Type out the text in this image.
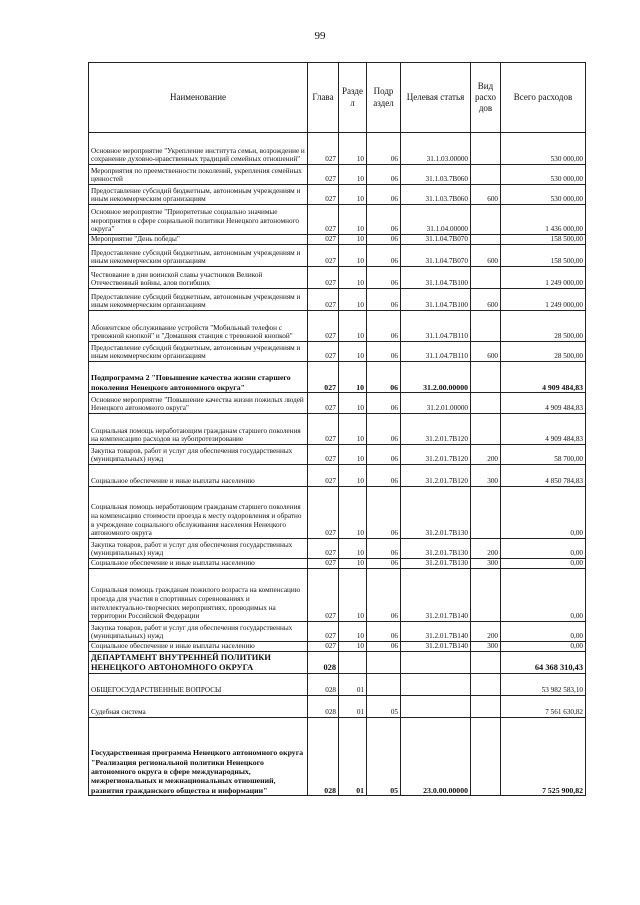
99
Наименование	Глава	Разде л	Подр аздел	Целевая статья	Вид расхо дов	Всего расходов
Основное мероприятие "Укрепление института семьи, возрождение и сохранение духовно-нравственных традиций семейных отношений"	027	10	06	31.1.03.00000		530 000,00
Мероприятия по преемственности поколений, укрепления семейных ценностей	027	10	06	31.1.03.7В060		530 000,00
Предоставление субсидий бюджетным, автономным учреждениям и иным некоммерческим организациям	027	10	06	31.1.03.7В060	600	530 000,00
Основное мероприятие "Приоритетные социально значимые мероприятия в сфере социальной политики Ненецкого автономного округа"	027	10	06	31.1.04.00000		1 436 000,00
Мероприятие "День победы"	027	10	06	31.1.04.7В070		158 500,00
Предоставление субсидий бюджетным, автономным учреждениям и иным некоммерческим организациям	027	10	06	31.1.04.7В070	600	158 500,00
Чествование в дни воинской славы участников Великой Отечественный войны, алов погибших	027	10	06	31.1.04.7В100		1 249 000,00
Предоставление субсидий бюджетным, автономным учреждениям и иным некоммерческим организациям	027	10	06	31.1.04.7В100	600	1 249 000,00
Абонентское обслуживание устройств "Мобильный телефон с тревожной кнопкой" и "Домашняя станция с тревожной кнопкой"	027	10	06	31.1.04.7В110		28 500,00
Предоставление субсидий бюджетным, автономным учреждениям и иным некоммерческим организациям	027	10	06	31.1.04.7В110	600	28 500,00
Подпрограмма 2 "Повышение качества жизни старшего поколения Ненецкого автономного округа"	027	10	06	31.2.00.00000		4 909 484,83
Основное мероприятие "Повышение качества жизни пожилых людей Ненецкого автономного округа"	027	10	06	31.2.01.00000		4 909 484,83
Социальная помощь неработающим гражданам старшего поколения на компенсацию расходов на зубопротезирование	027	10	06	31.2.01.7В120		4 909 484,83
Закупка товаров, работ и услуг для обеспечения государственных (муниципальных) нужд	027	10	06	31.2.01.7В120	200	58 700,00
Социальное обеспечение и иные выплаты населению	027	10	06	31.2.01.7В120	300	4 850 784,83
Социальная помощь неработающим гражданам старшего поколения на компенсацию стоимости проезда к месту оздоровления и обратно в учреждение социального обслуживания населения Ненецкого автономного округа	027	10	06	31.2.01.7В130		0,00
Закупка товаров, работ и услуг для обеспечения государственных (муниципальных) нужд	027	10	06	31.2.01.7В130	200	0,00
Социальное обеспечение и иные выплаты населению	027	10	06	31.2.01.7В130	300	0,00
Социальная помощь гражданам пожилого возраста на компенсацию проезда для участия в спортивных соревнованиях и интеллектуально-творческих мероприятиях, проводимых на территории Российской Федерации	027	10	06	31.2.01.7В140		0,00
Закупка товаров, работ и услуг для обеспечения государственных (муниципальных) нужд	027	10	06	31.2.01.7В140	200	0,00
Социальное обеспечение и иные выплаты населению	027	10	06	31.2.01.7В140	300	0,00
ДЕПАРТАМЕНТ ВНУТРЕННЕЙ ПОЛИТИКИ НЕНЕЦКОГО АВТОНОМНОГО ОКРУГА	028					64 368 310,43
ОБЩЕГОСУДАРСТВЕННЫЕ ВОПРОСЫ	028	01				53 982 583,10
Судебная система	028	01	05			7 561 630,82
Государственная программа Ненецкого автономного округа "Реализация региональной политики Ненецкого автономного округа в сфере международных, межрегиональных и межнациональных отношений, развития гражданского общества и информации"	028	01	05	23.0.00.00000		7 525 900,82
